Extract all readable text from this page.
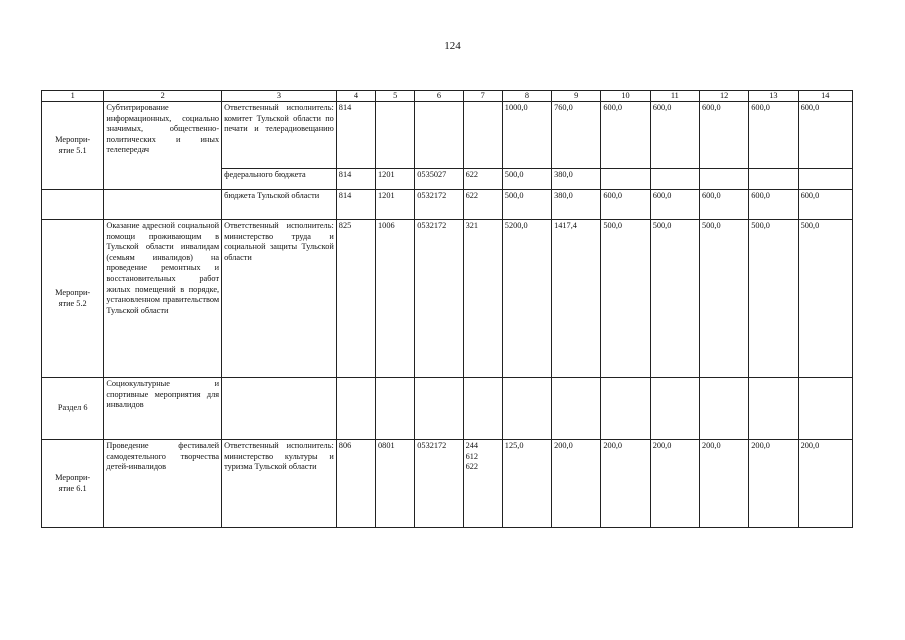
124
1	2	3	4	5	6	7	8	9	10	11	12	13	14
Меропри-
ятие 5.1	Субтитрирование информационных, социально значимых, общественно-политических и иных телепередач	Ответственный исполнитель: комитет Тульской области по печати и телерадиовещанию	814				1000,0	760,0	600,0	600,0	600,0	600,0	600,0
		федерального бюджета	814	1201	0535027	622	500,0	380,0					
		бюджета Тульской области	814	1201	0532172	622	500,0	380,0	600,0	600,0	600,0	600,0	600,0
Меропри-
ятие 5.2	Оказание адресной социальной помощи проживающим в Тульской области инвалидам (семьям инвалидов) на проведение ремонтных и восстановительных работ жилых помещений в порядке, установленном правительством Тульской области	Ответственный исполнитель: министерство труда и социальной защиты Тульской области	825	1006	0532172	321	5200,0	1417,4	500,0	500,0	500,0	500,0	500,0
Раздел 6	Социокультурные и спортивные мероприятия для инвалидов												
Меропри-
ятие 6.1	Проведение фестивалей самодеятельного творчества детей-инвалидов	Ответственный исполнитель: министерство культуры и туризма Тульской области	806	0801	0532172	244
612
622	125,0	200,0	200,0	200,0	200,0	200,0	200,0
